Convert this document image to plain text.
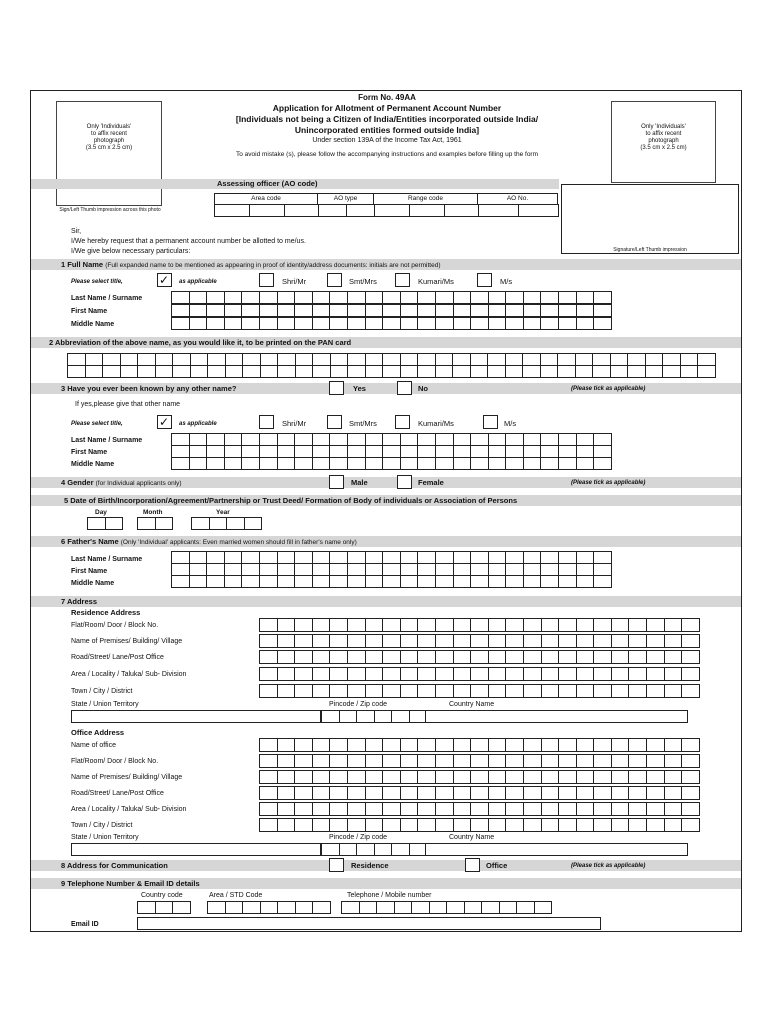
Form No. 49AA
Application for Allotment of Permanent Account Number
[Individuals not being a Citizen of India/Entities incorporated outside India/
Unincorporated entities formed outside India]
Under section 139A of the Income Tax Act, 1961
To avoid mistake (s), please follow the accompanying instructions and examples before filling up the form
Only 'Individuals'
to affix recent
photograph
(3.5 cm x 2.5 cm)
Sign/Left Thumb impression across this photo
Only 'Individuals'
to affix recent
photograph
(3.5 cm x 2.5 cm)
Signature/Left Thumb impression
Assessing officer (AO code)
Area code	AO type	Range code	AO No.
Sir,
I/We hereby request that a permanent account number be allotted to me/us.
I/We give below necessary particulars:
1 Full Name (Full expanded name to be mentioned as appearing in proof of identity/address documents: initials are not permitted)
Please select title,	✓ as applicable	Shri/Mr	Smt/Mrs	Kumari/Ms	M/s
Last Name / Surname
First Name
Middle Name
2 Abbreviation of the above name, as you would like it, to be printed on the PAN card
3 Have you ever been known by any other name?	Yes	No	(Please tick as applicable)
If yes,please give that other name
Please select title,	✓ as applicable	Shri/Mr	Smt/Mrs	Kumari/Ms	M/s
Last Name / Surname
First Name
Middle Name
4 Gender (for Individual applicants only)	Male	Female	(Please tick as applicable)
5 Date of Birth/Incorporation/Agreement/Partnership or Trust Deed/ Formation of Body of individuals or Association of Persons
Day	Month	Year
6 Father's Name (Only 'Individual' applicants: Even married women should fill in father's name only)
Last Name / Surname
First Name
Middle Name
7 Address
Residence Address
Flat/Room/ Door / Block No.
Name of Premises/ Building/ Village
Road/Street/ Lane/Post Office
Area / Locality / Taluka/ Sub- Division
Town / City / District
State / Union Territory	Pincode / Zip code	Country Name
Office Address
Name of office
Flat/Room/ Door / Block No.
Name of Premises/ Building/ Village
Road/Street/ Lane/Post Office
Area / Locality / Taluka/ Sub- Division
Town / City / District
State / Union Territory	Pincode / Zip code	Country Name
8 Address for Communication	Residence	Office	(Please tick as applicable)
9 Telephone Number & Email ID details
Country code	Area / STD Code	Telephone / Mobile number
Email ID
